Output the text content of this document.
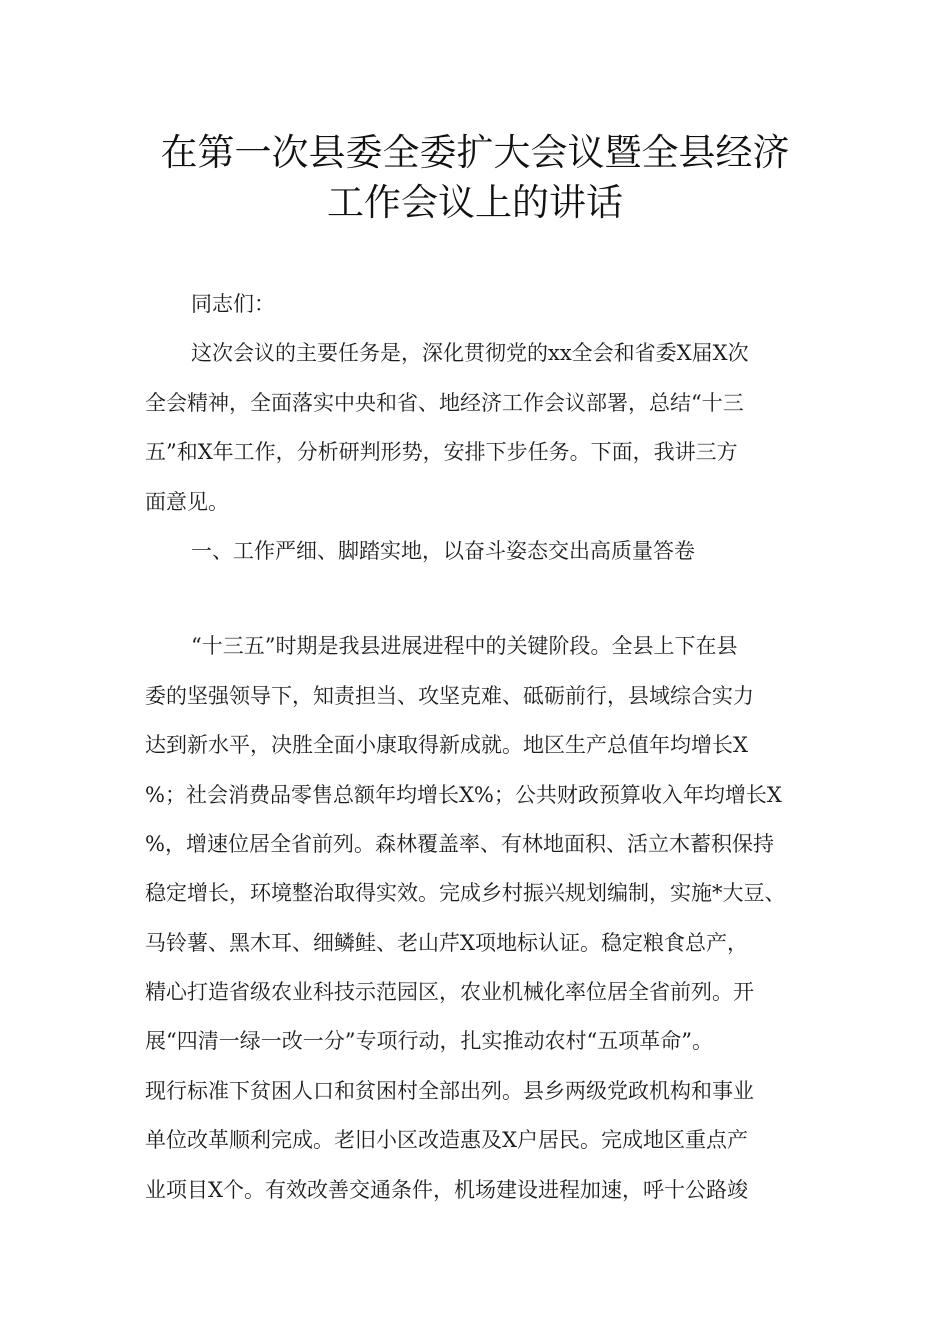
在第一次县委全委扩大会议暨全县经济
工作会议上的讲话

同志们：

这次会议的主要任务是，深化贯彻党的xx全会和省委X届X次
全会精神，全面落实中央和省、地经济工作会议部署，总结“十三
五”和X年工作，分析研判形势，安排下步任务。下面，我讲三方
面意见。

一、工作严细、脚踏实地，以奋斗姿态交出高质量答卷

“十三五”时期是我县进展进程中的关键阶段。全县上下在县
委的坚强领导下，知责担当、攻坚克难、砥砺前行，县域综合实力
达到新水平，决胜全面小康取得新成就。地区生产总值年均增长X
%；社会消费品零售总额年均增长X%；公共财政预算收入年均增长X
%，增速位居全省前列。森林覆盖率、有林地面积、活立木蓄积保持
稳定增长，环境整治取得实效。完成乡村振兴规划编制，实施*大豆、
马铃薯、黑木耳、细鳞鲑、老山芹X项地标认证。稳定粮食总产，
精心打造省级农业科技示范园区，农业机械化率位居全省前列。开
展“四清一绿一改一分”专项行动，扎实推动农村“五项革命”。
现行标准下贫困人口和贫困村全部出列。县乡两级党政机构和事业
单位改革顺利完成。老旧小区改造惠及X户居民。完成地区重点产
业项目X个。有效改善交通条件，机场建设进程加速，呼十公路竣
